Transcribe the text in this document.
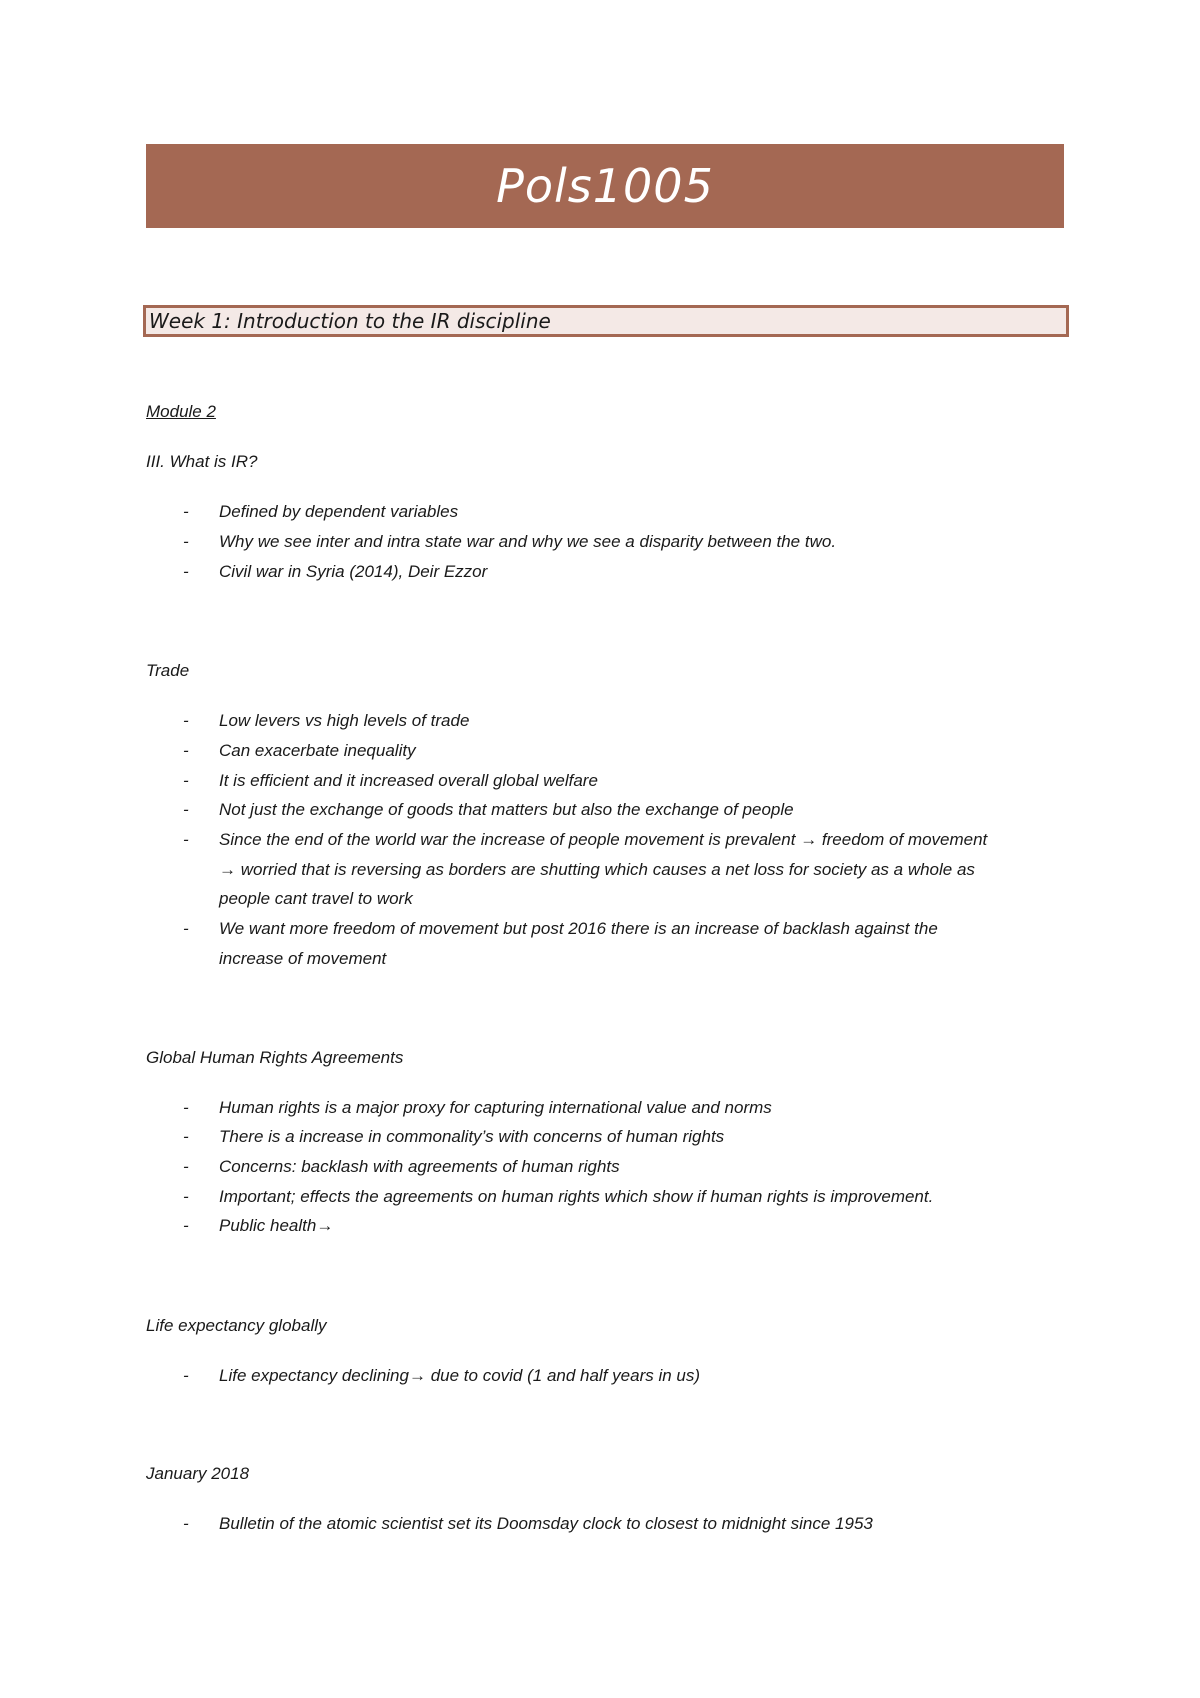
Pols1005
Week 1: Introduction to the IR discipline
Module 2
III. What is IR?
- Defined by dependent variables
- Why we see inter and intra state war and why we see a disparity between the two.
- Civil war in Syria (2014), Deir Ezzor
Trade
- Low levers vs high levels of trade
- Can exacerbate inequality
- It is efficient and it increased overall global welfare
- Not just the exchange of goods that matters but also the exchange of people
- Since the end of the world war the increase of people movement is prevalent → freedom of movement
→ worried that is reversing as borders are shutting which causes a net loss for society as a whole as
people cant travel to work
- We want more freedom of movement but post 2016 there is an increase of backlash against the
increase of movement
Global Human Rights Agreements
- Human rights is a major proxy for capturing international value and norms
- There is a increase in commonality’s with concerns of human rights
- Concerns: backlash with agreements of human rights
- Important; effects the agreements on human rights which show if human rights is improvement.
- Public health→
Life expectancy globally
- Life expectancy declining→ due to covid (1 and half years in us)
January 2018
- Bulletin of the atomic scientist set its Doomsday clock to closest to midnight since 1953
